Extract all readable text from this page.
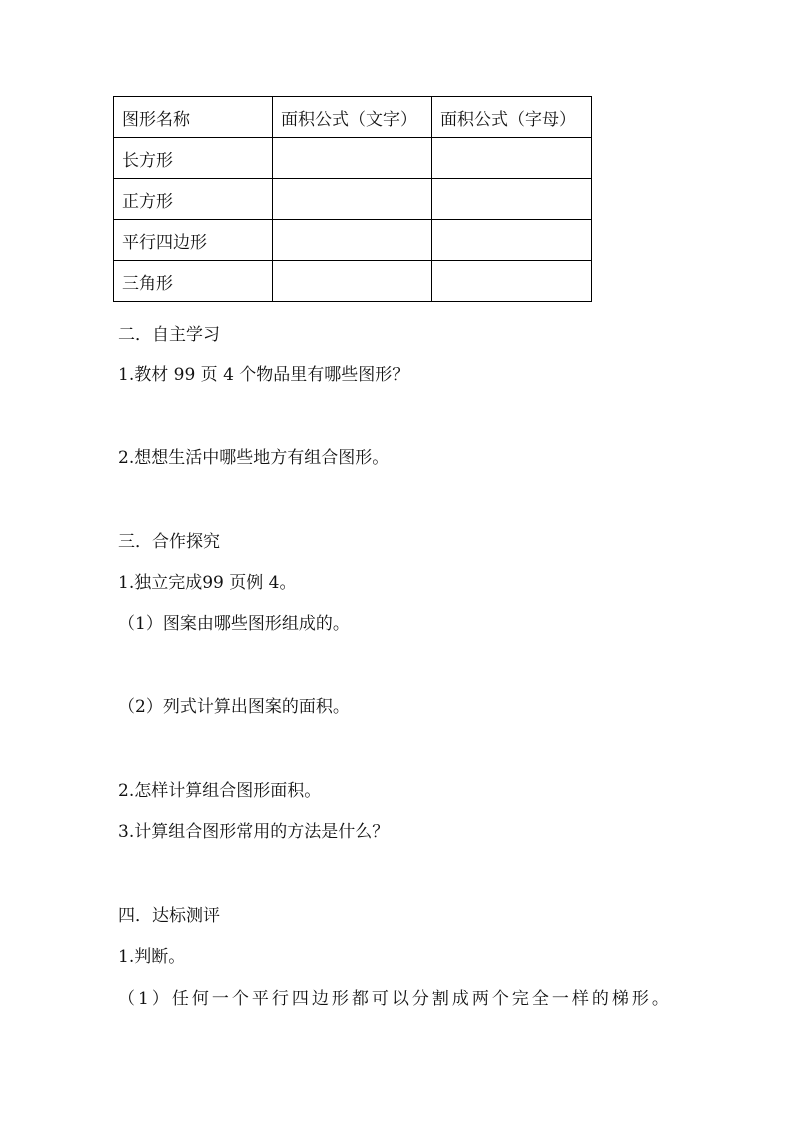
图形名称	面积公式（文字）	面积公式（字母）
长方形		
正方形		
平行四边形		
三角形		
二．自主学习
1.教材 99 页 4 个物品里有哪些图形？
2.想想生活中哪些地方有组合图形。
三．合作探究
1.独立完成99 页例 4。
（1）图案由哪些图形组成的。
（2）列式计算出图案的面积。
2.怎样计算组合图形面积。
3.计算组合图形常用的方法是什么？
四．达标测评
1.判断。
（1）任何一个平行四边形都可以分割成两个完全一样的梯形。
